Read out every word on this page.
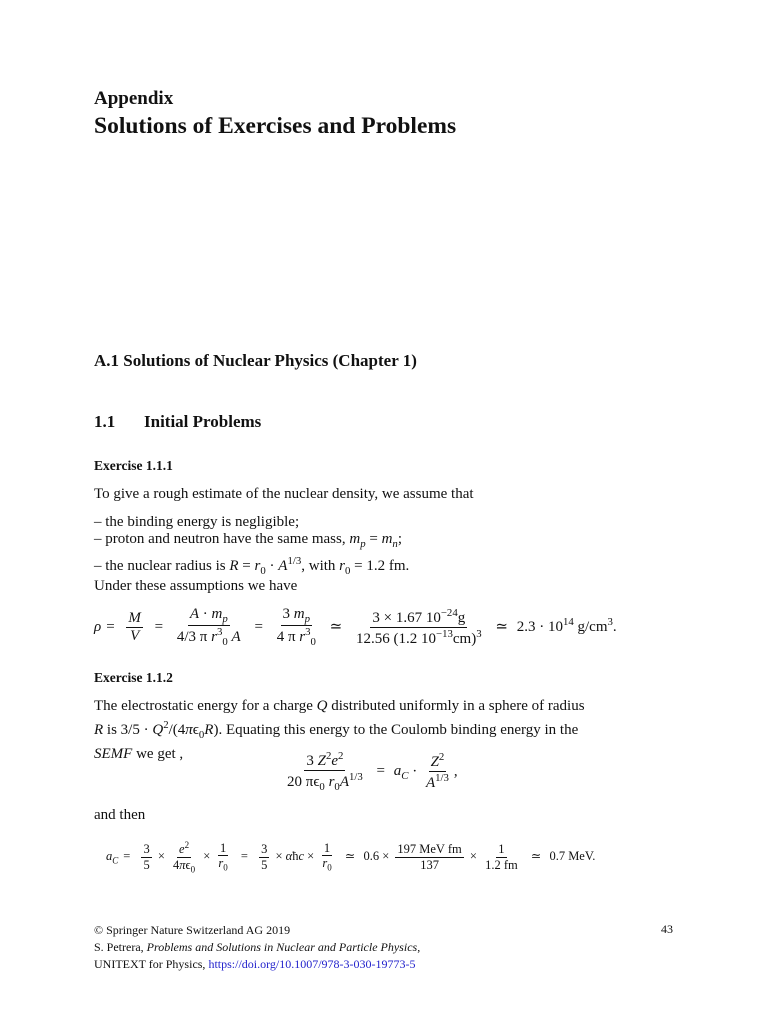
Appendix
Solutions of Exercises and Problems
A.1 Solutions of Nuclear Physics (Chapter 1)
1.1 Initial Problems
Exercise 1.1.1
To give a rough estimate of the nuclear density, we assume that
– the binding energy is negligible;
– proton and neutron have the same mass, $m_p = m_n$;
– the nuclear radius is $R = r_0 \cdot A^{1/3}$, with $r_0 = 1.2$ fm.
Under these assumptions we have
$\rho = \frac{M}{V} = \frac{A \cdot m_p}{4/3 \pi r^3_0 A} = \frac{3 m_p}{4 \pi r^3_0}$ ≃ $\frac{3 \times 1.67 10^{-24}g}{12.56 (1.2 10^{-13}cm)^3}$ ≃ $2.3 \cdot 10^{14}$ $g/cm^3$.
Exercise 1.1.2
The electrostatic energy for a charge Q distributed uniformly in a sphere of radius
R is $3/5 \cdot Q^2/(4\pi\epsilon_0R)$. Equating this energy to the Coulomb binding energy in the
SEMF we get ,	$\frac{3 Z^2e^2}{20 \pi\epsilon_0 r_0A^{1/3}} = a_C \cdot \frac{Z^2}{A^{1/3}}$ ,
and then
$a_C = \frac{3}{5} \times \frac{e^2}{4\pi\epsilon_0} \times \frac{1}{r_0} = \frac{3}{5}$ × αħc × $\frac{1}{r_0}$ ≃ $0.6 \times \frac{\text{197 MeV fm}}{137} \times \frac{1}{1.2 fm}$ ≃ 0.7 MeV.
© Springer Nature Switzerland AG 2019
S. Petrera, Problems and Solutions in Nuclear and Particle Physics,
UNITEXT for Physics, https://doi.org/10.1007/978-3-030-19773-5
43
